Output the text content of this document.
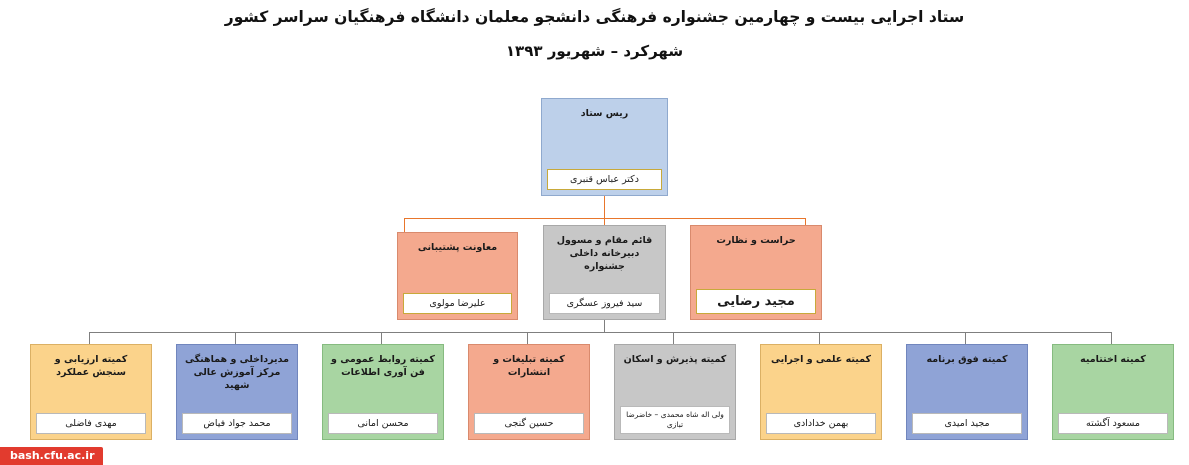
ستاد اجرایی بیست و چهارمین جشنواره فرهنگی دانشجو معلمان دانشگاه فرهنگیان سراسر کشور
شهرکرد – شهریور ۱۳۹۳
ریس ستاد
دکتر عباس قنبری
معاونت پشتیبانی
علیرضا مولوی
قائم مقام و مسوول دبیرخانه داخلی جشنواره
سید فیروز عسگری
حراست و نظارت
مجید رضایی
کمیته ارزیابی و سنجش عملکرد
مهدی فاضلی
مدیرداخلی و هماهنگی مرکز آموزش عالی شهید
محمد جواد فیاض
کمیته روابط عمومی و فن آوری اطلاعات
محسن امانی
کمیته تبلیغات و انتشارات
حسین گنجی
کمیته پذیرش و اسکان
ولی اله شاه محمدی – خاضرضا تبازی
کمیته علمی و اجرایی
بهمن خدادادی
کمیته فوق برنامه
مجید امیدی
کمیته اختتامیه
مسعود آگشته
bash.cfu.ac.ir
